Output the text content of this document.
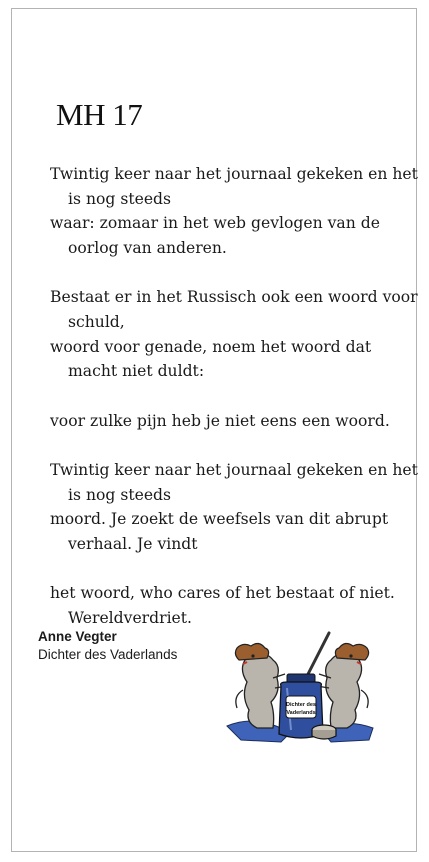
MH 17

Twintig keer naar het journaal gekeken en het is nog steeds
waar: zomaar in het web gevlogen van de oorlog van anderen.

Bestaat er in het Russisch ook een woord voor schuld,
woord voor genade, noem het woord dat macht niet duldt:

voor zulke pijn heb je niet eens een woord.

Twintig keer naar het journaal gekeken en het is nog steeds
moord. Je zoekt de weefsels van dit abrupt verhaal. Je vindt

het woord, who cares of het bestaat of niet. Wereldverdriet.

Anne Vegter
Dichter des Vaderlands
Dichter des
Vaderlands
